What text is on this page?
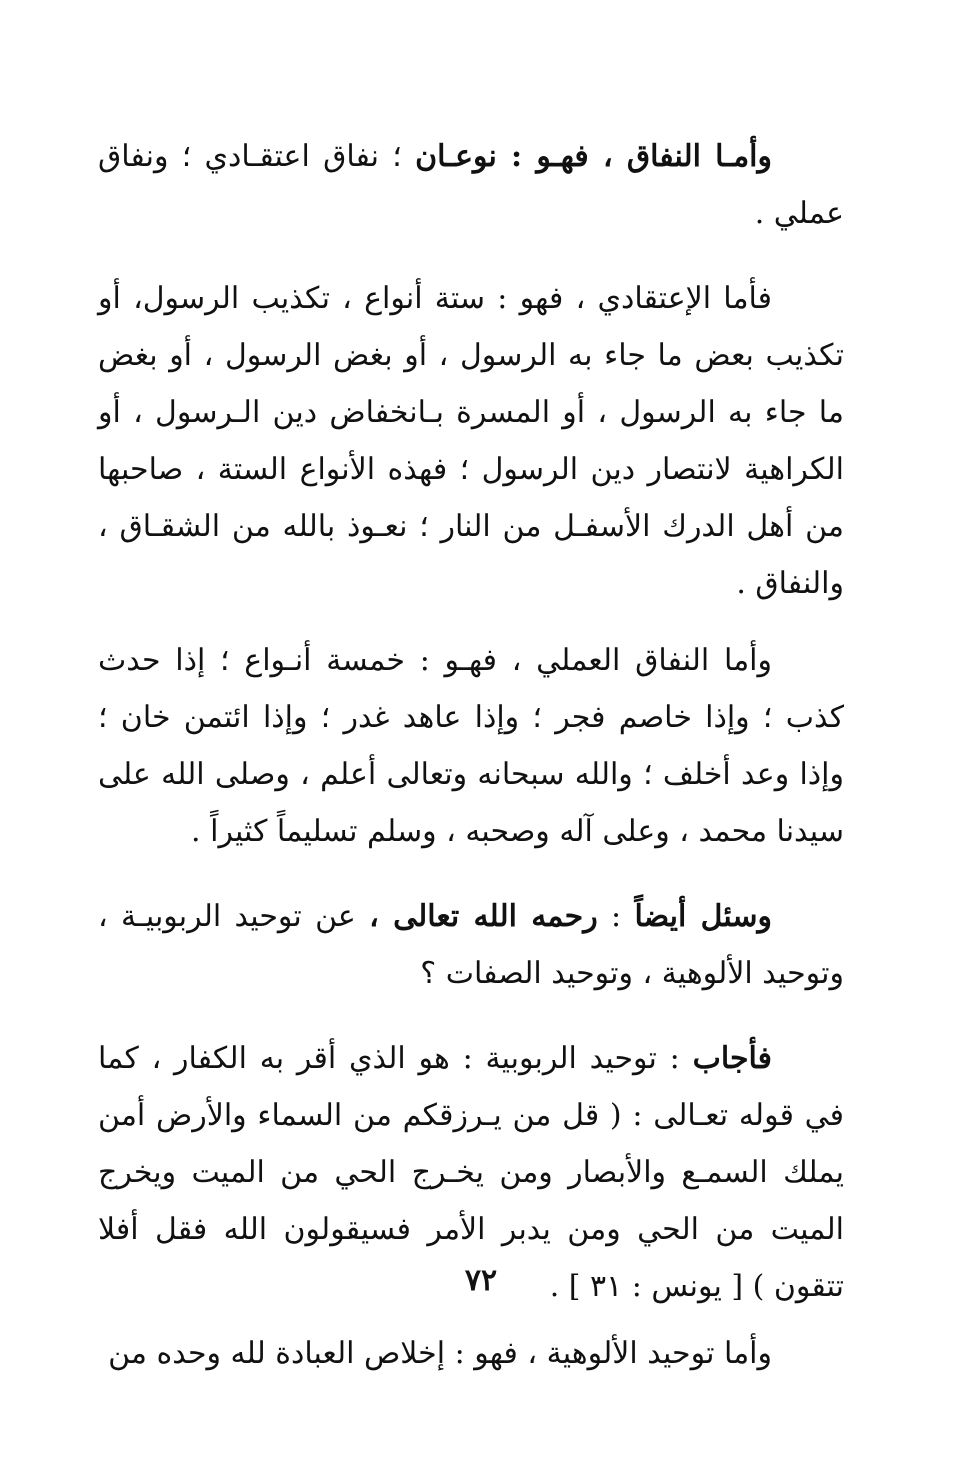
وأمـا النفاق ، فهـو : نوعـان ؛ نفاق اعتقـادي ؛ ونفاق عملي .

فأما الإعتقادي ، فهو : ستة أنواع ، تكذيب الرسول، أو تكذيب بعض ما جاء به الرسول ، أو بغض الرسول ، أو بغض ما جاء به الرسول ، أو المسرة بـانخفاض دين الـرسول ، أو الكراهية لانتصار دين الرسول ؛ فهذه الأنواع الستة ، صاحبها من أهل الدرك الأسفـل من النار ؛ نعـوذ بالله من الشقـاق ، والنفاق .

وأما النفاق العملي ، فهـو : خمسة أنـواع ؛ إذا حدث كذب ؛ وإذا خاصم فجر ؛ وإذا عاهد غدر ؛ وإذا ائتمن خان ؛ وإذا وعد أخلف ؛ والله سبحانه وتعالى أعلم ، وصلى الله على سيدنا محمد ، وعلى آله وصحبه ، وسلم تسليماً كثيراً .

وسئل أيضاً : رحمه الله تعالى ، عن توحيد الربوبيـة ، وتوحيد الألوهية ، وتوحيد الصفات ؟

فأجاب : توحيد الربوبية : هو الذي أقر به الكفار ، كما في قوله تعـالى : ( قل من يـرزقكم من السماء والأرض أمن يملك السمـع والأبصار ومن يخـرج الحي من الميت ويخرج الميت من الحي ومن يدبر الأمر فسيقولون الله فقل أفلا تتقون ) [ يونس : ٣١ ] .

وأما توحيد الألوهية ، فهو : إخلاص العبادة لله وحده من

٧٢
